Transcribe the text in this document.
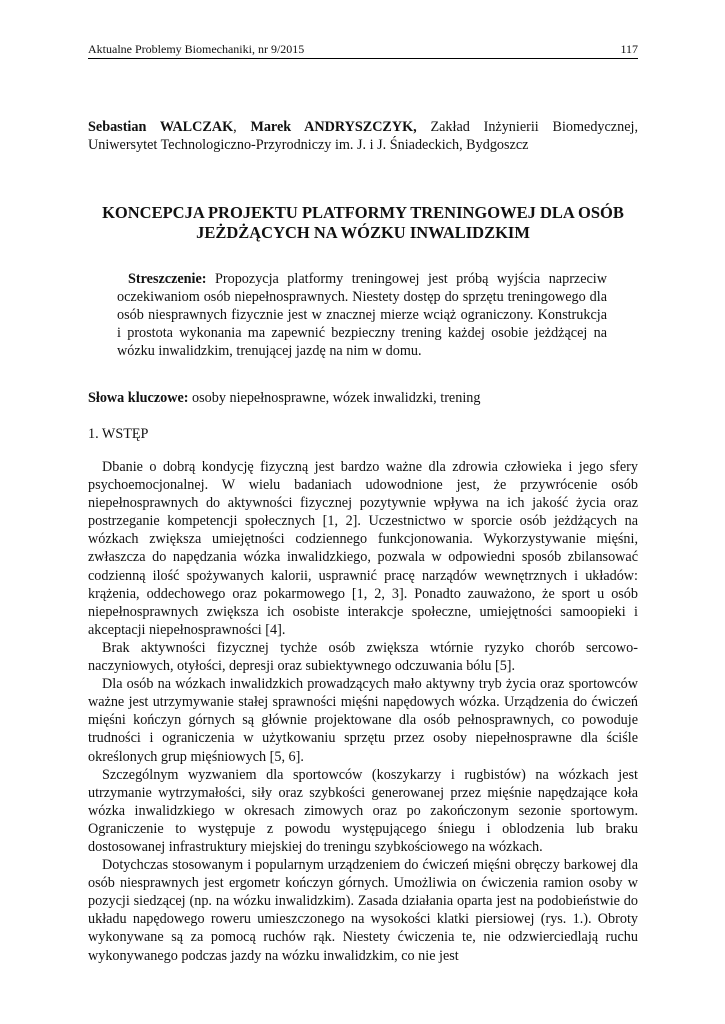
Aktualne Problemy Biomechaniki, nr 9/2015	117
Sebastian WALCZAK, Marek ANDRYSZCZYK, Zakład Inżynierii Biomedycznej, Uniwersytet Technologiczno-Przyrodniczy im. J. i J. Śniadeckich, Bydgoszcz
KONCEPCJA PROJEKTU PLATFORMY TRENINGOWEJ DLA OSÓB
JEŻDŻĄCYCH NA WÓZKU INWALIDZKIM
Streszczenie: Propozycja platformy treningowej jest próbą wyjścia naprzeciw oczekiwaniom osób niepełnosprawnych. Niestety dostęp do sprzętu treningowego dla osób niesprawnych fizycznie jest w znacznej mierze wciąż ograniczony. Konstrukcja i prostota wykonania ma zapewnić bezpieczny trening każdej osobie jeżdżącej na wózku inwalidzkim, trenującej jazdę na nim w domu.
Słowa kluczowe: osoby niepełnosprawne, wózek inwalidzki, trening
1. WSTĘP

Dbanie o dobrą kondycję fizyczną jest bardzo ważne dla zdrowia człowieka i jego sfery psychoemocjonalnej. W wielu badaniach udowodnione jest, że przywrócenie osób niepełnosprawnych do aktywności fizycznej pozytywnie wpływa na ich jakość życia oraz postrzeganie kompetencji społecznych [1, 2]. Uczestnictwo w sporcie osób jeżdżących na wózkach zwiększa umiejętności codziennego funkcjonowania. Wykorzystywanie mięśni, zwłaszcza do napędzania wózka inwalidzkiego, pozwala w odpowiedni sposób zbilansować codzienną ilość spożywanych kalorii, usprawnić pracę narządów wewnętrznych i układów: krążenia, oddechowego oraz pokarmowego [1, 2, 3]. Ponadto zauważono, że sport u osób niepełnosprawnych zwiększa ich osobiste interakcje społeczne, umiejętności samoopieki i akceptacji niepełnosprawności [4].

Brak aktywności fizycznej tychże osób zwiększa wtórnie ryzyko chorób sercowo-naczyniowych, otyłości, depresji oraz subiektywnego odczuwania bólu [5].

Dla osób na wózkach inwalidzkich prowadzących mało aktywny tryb życia oraz sportowców ważne jest utrzymywanie stałej sprawności mięśni napędowych wózka. Urządzenia do ćwiczeń mięśni kończyn górnych są głównie projektowane dla osób pełnosprawnych, co powoduje trudności i ograniczenia w użytkowaniu sprzętu przez osoby niepełnosprawne dla ściśle określonych grup mięśniowych [5, 6].

Szczególnym wyzwaniem dla sportowców (koszykarzy i rugbistów) na wózkach jest utrzymanie wytrzymałości, siły oraz szybkości generowanej przez mięśnie napędzające koła wózka inwalidzkiego w okresach zimowych oraz po zakończonym sezonie sportowym. Ograniczenie to występuje z powodu występującego śniegu i oblodzenia lub braku dostosowanej infrastruktury miejskiej do treningu szybkościowego na wózkach.

Dotychczas stosowanym i popularnym urządzeniem do ćwiczeń mięśni obręczy barkowej dla osób niesprawnych jest ergometr kończyn górnych. Umożliwia on ćwiczenia ramion osoby w pozycji siedzącej (np. na wózku inwalidzkim). Zasada działania oparta jest na podobieństwie do układu napędowego roweru umieszczonego na wysokości klatki piersiowej (rys. 1.). Obroty wykonywane są za pomocą ruchów rąk. Niestety ćwiczenia te, nie odzwierciedlają ruchu wykonywanego podczas jazdy na wózku inwalidzkim, co nie jest
